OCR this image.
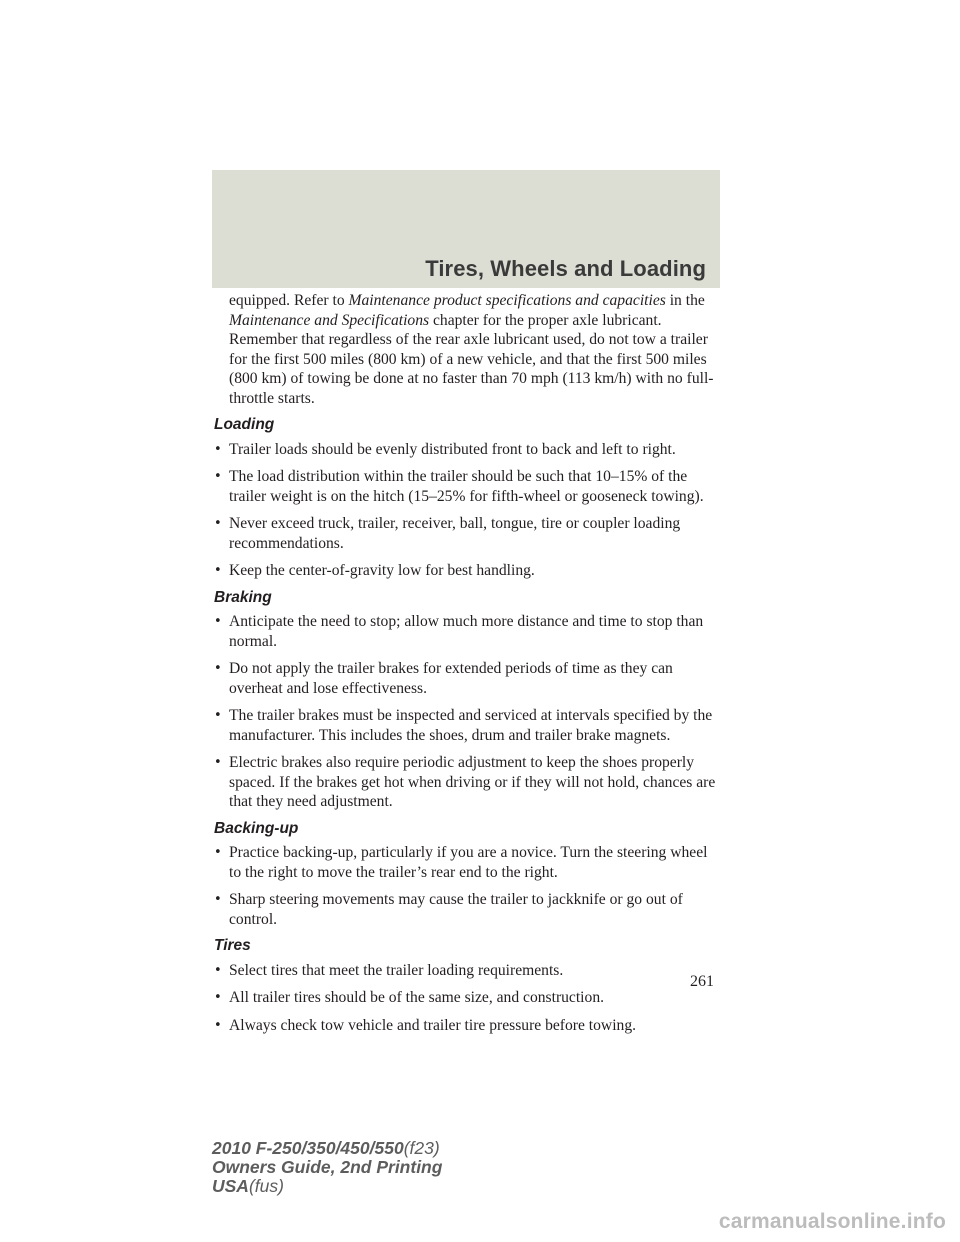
Tires, Wheels and Loading

equipped. Refer to Maintenance product specifications and capacities in the Maintenance and Specifications chapter for the proper axle lubricant. Remember that regardless of the rear axle lubricant used, do not tow a trailer for the first 500 miles (800 km) of a new vehicle, and that the first 500 miles (800 km) of towing be done at no faster than 70 mph (113 km/h) with no full-throttle starts.

Loading
• Trailer loads should be evenly distributed front to back and left to right.
• The load distribution within the trailer should be such that 10–15% of the trailer weight is on the hitch (15–25% for fifth-wheel or gooseneck towing).
• Never exceed truck, trailer, receiver, ball, tongue, tire or coupler loading recommendations.
• Keep the center-of-gravity low for best handling.
Braking
• Anticipate the need to stop; allow much more distance and time to stop than normal.
• Do not apply the trailer brakes for extended periods of time as they can overheat and lose effectiveness.
• The trailer brakes must be inspected and serviced at intervals specified by the manufacturer. This includes the shoes, drum and trailer brake magnets.
• Electric brakes also require periodic adjustment to keep the shoes properly spaced. If the brakes get hot when driving or if they will not hold, chances are that they need adjustment.
Backing-up
• Practice backing-up, particularly if you are a novice. Turn the steering wheel to the right to move the trailer’s rear end to the right.
• Sharp steering movements may cause the trailer to jackknife or go out of control.
Tires
• Select tires that meet the trailer loading requirements.
• All trailer tires should be of the same size, and construction.
• Always check tow vehicle and trailer tire pressure before towing.
261
2010 F-250/350/450/550(f23)
Owners Guide, 2nd Printing
USA(fus)
carmanualsonline.info
